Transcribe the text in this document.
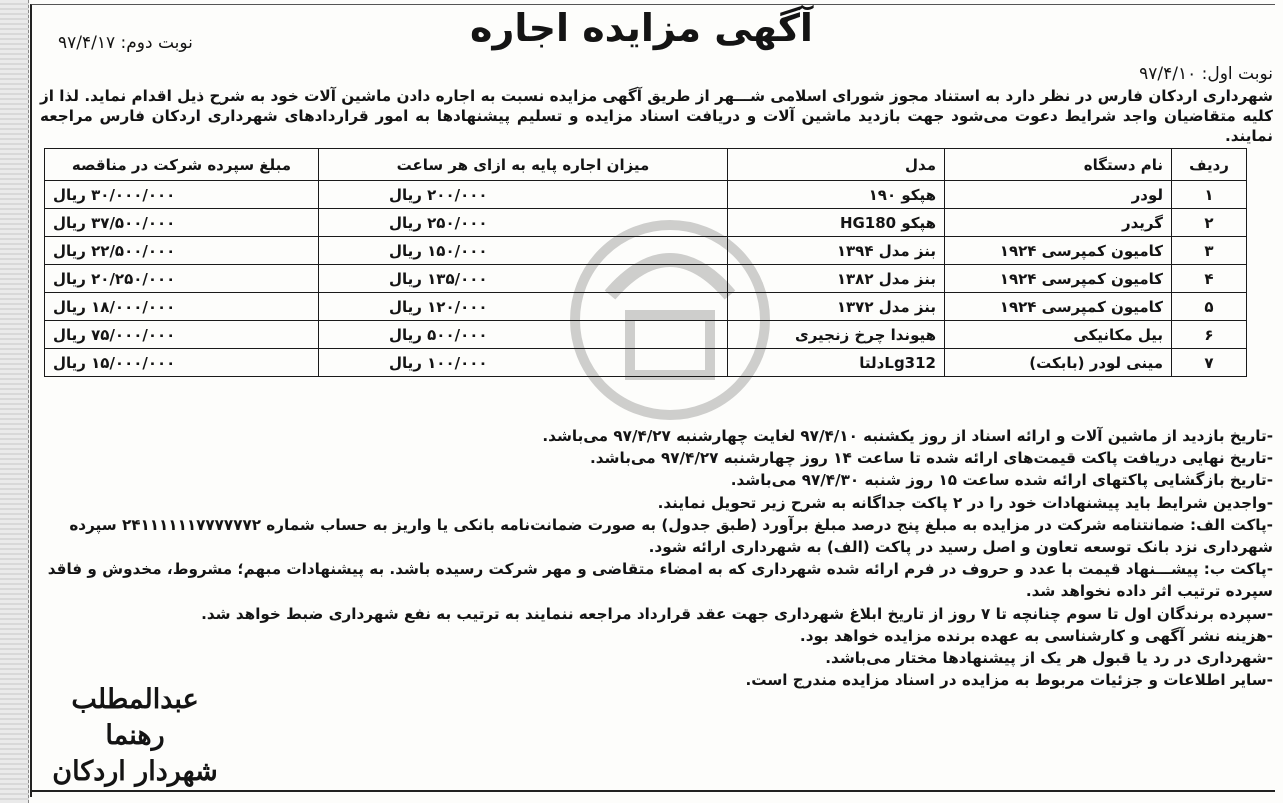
آگهی مزایده اجاره
نوبت دوم: ۹۷/۴/۱۷
نوبت اول: ۹۷/۴/۱۰
شهرداری اردکان فارس در نظر دارد به استناد مجوز شورای اسلامی شـــهر از طریق آگهی مزایده نسبت به اجاره دادن ماشین آلات خود به شرح ذیل اقدام نماید. لذا از کلیه متقاضیان واجد شرایط دعوت می‌شود جهت بازدید ماشین آلات و دریافت اسناد مزایده و تسلیم پیشنهادها به امور قراردادهای شهرداری اردکان فارس مراجعه نمایند.
ردیف	نام دستگاه	مدل	میزان اجاره پایه به ازای هر ساعت	مبلغ سپرده شرکت در مناقصه
۱	لودر	هپکو ۱۹۰	۲۰۰/۰۰۰ ریال	۳۰/۰۰۰/۰۰۰ ریال
۲	گریدر	هپکو HG180	۲۵۰/۰۰۰ ریال	۳۷/۵۰۰/۰۰۰ ریال
۳	کامیون کمپرسی ۱۹۲۴	بنز مدل ۱۳۹۴	۱۵۰/۰۰۰ ریال	۲۲/۵۰۰/۰۰۰ ریال
۴	کامیون کمپرسی ۱۹۲۴	بنز مدل ۱۳۸۲	۱۳۵/۰۰۰ ریال	۲۰/۲۵۰/۰۰۰ ریال
۵	کامیون کمپرسی ۱۹۲۴	بنز مدل ۱۳۷۲	۱۲۰/۰۰۰ ریال	۱۸/۰۰۰/۰۰۰ ریال
۶	بیل مکانیکی	هیوندا چرخ زنجیری	۵۰۰/۰۰۰ ریال	۷۵/۰۰۰/۰۰۰ ریال
۷	مینی لودر (بابکت)	Lg312دلتا	۱۰۰/۰۰۰ ریال	۱۵/۰۰۰/۰۰۰ ریال
-تاریخ بازدید از ماشین آلات و ارائه اسناد از روز یکشنبه ۹۷/۴/۱۰ لغایت چهارشنبه ۹۷/۴/۲۷ می‌باشد.
-تاریخ نهایی دریافت پاکت قیمت‌های ارائه شده تا ساعت ۱۴ روز چهارشنبه ۹۷/۴/۲۷ می‌باشد.
-تاریخ بازگشایی پاکتهای ارائه شده ساعت ۱۵ روز شنبه ۹۷/۴/۳۰ می‌باشد.
-واجدین شرایط باید پیشنهادات خود را در ۲ پاکت جداگانه به شرح زیر تحویل نمایند.
-پاکت الف: ضمانتنامه شرکت در مزایده به مبلغ پنج درصد مبلغ برآورد (طبق جدول) به صورت ضمانت‌نامه بانکی یا واریز به حساب شماره ۲۴۱۱۱۱۱۱۷۷۷۷۷۷۲ سپرده شهرداری نزد بانک توسعه تعاون و اصل رسید در پاکت (الف) به شهرداری ارائه شود.
-پاکت ب: پیشـــنهاد قیمت با عدد و حروف در فرم ارائه شده شهرداری که به امضاء متقاضی و مهر شرکت رسیده باشد. به پیشنهادات مبهم؛ مشروط، مخدوش و فاقد سپرده ترتیب اثر داده نخواهد شد.
-سپرده برندگان اول تا سوم چنانچه تا ۷ روز از تاریخ ابلاغ شهرداری جهت عقد قرارداد مراجعه ننمایند به ترتیب به نفع شهرداری ضبط خواهد شد.
-هزینه نشر آگهی و کارشناسی به عهده برنده مزایده خواهد بود.
-شهرداری در رد یا قبول هر یک از پیشنهادها مختار می‌باشد.
-سایر اطلاعات و جزئیات مربوط به مزایده در اسناد مزایده مندرج است.
عبدالمطلب رهنما
شهردار اردکان
